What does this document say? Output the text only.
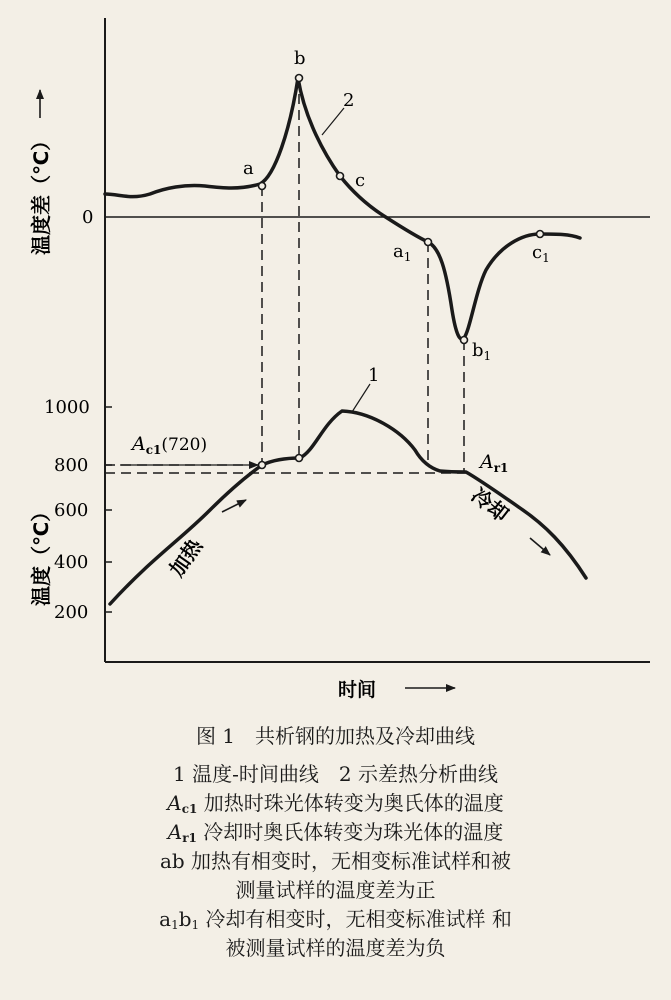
温度差（℃）
温度（℃）
时间
0
1000
800
600
400
200
a
b
c
$a_1$
$b_1$
$c_1$
2
1
$A_{c1}(720)$
$A_{r1}$
加热
冷却
图 1　共析钢的加热及冷却曲线
1 温度-时间曲线　2 示差热分析曲线
$A_{c1}$ 加热时珠光体转变为奥氏体的温度
$A_{r1}$ 冷却时奥氏体转变为珠光体的温度
ab 加热有相变时，无相变标准试样和被
测量试样的温度差为正
a1b1 冷却有相变时，无相变标准试样 和
被测量试样的温度差为负
